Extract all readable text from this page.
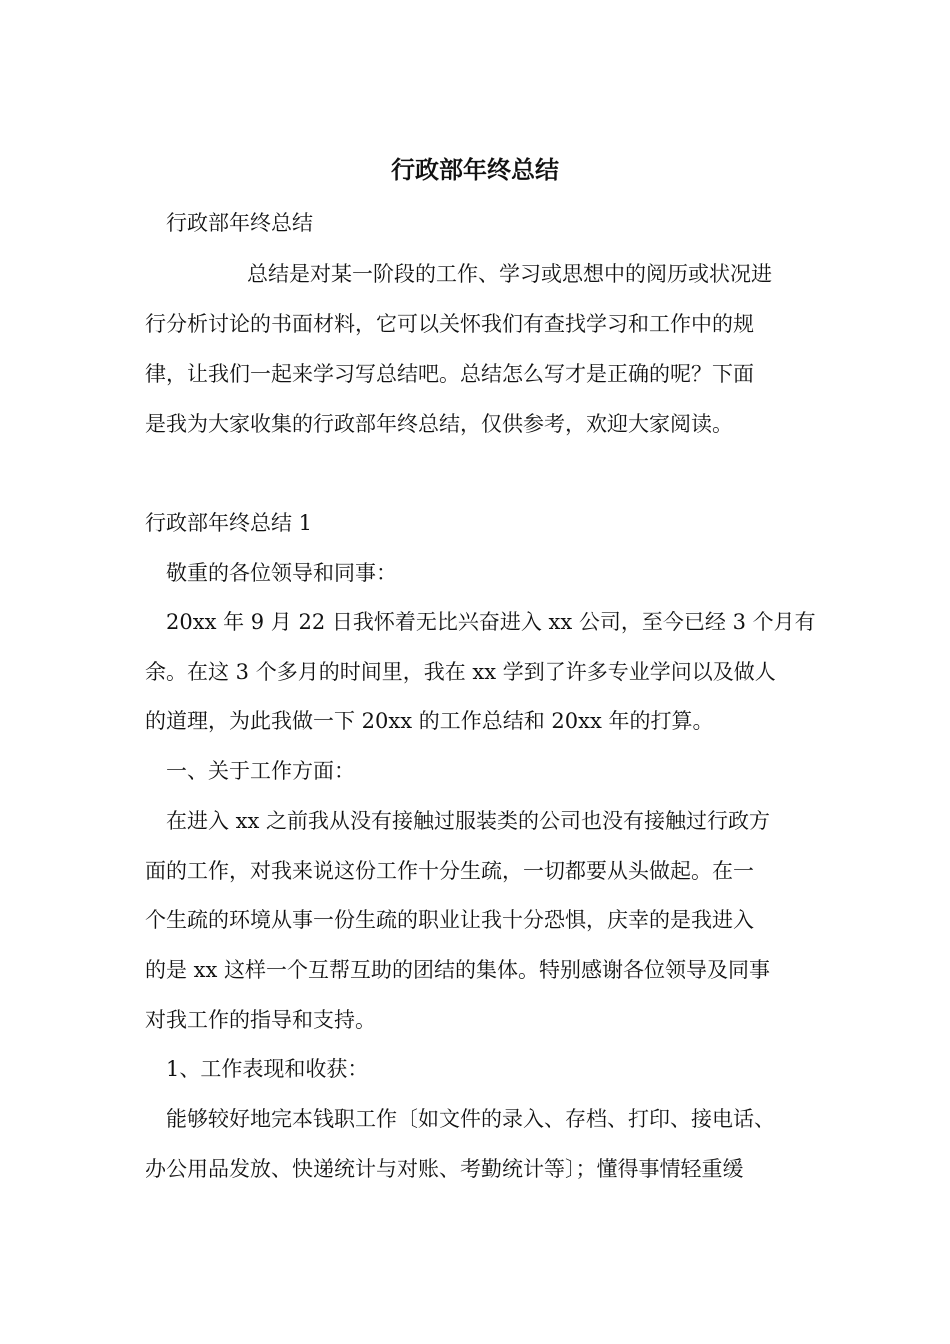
行政部年终总结

行政部年终总结

总结是对某一阶段的工作、学习或思想中的阅历或状况进

行分析讨论的书面材料，它可以关怀我们有查找学习和工作中的规

律，让我们一起来学习写总结吧。总结怎么写才是正确的呢？下面

是我为大家收集的行政部年终总结，仅供参考，欢迎大家阅读。

行政部年终总结 1

敬重的各位领导和同事：

20xx 年 9 月 22 日我怀着无比兴奋进入 xx 公司，至今已经 3 个月有

余。在这 3 个多月的时间里，我在 xx 学到了许多专业学问以及做人

的道理，为此我做一下 20xx 的工作总结和 20xx 年的打算。

一、关于工作方面：

在进入 xx 之前我从没有接触过服装类的公司也没有接触过行政方

面的工作，对我来说这份工作十分生疏，一切都要从头做起。在一

个生疏的环境从事一份生疏的职业让我十分恐惧，庆幸的是我进入

的是 xx 这样一个互帮互助的团结的集体。特别感谢各位领导及同事

对我工作的指导和支持。

1、工作表现和收获：

能够较好地完本钱职工作〔如文件的录入、存档、打印、接电话、

办公用品发放、快递统计与对账、考勤统计等〕；懂得事情轻重缓
